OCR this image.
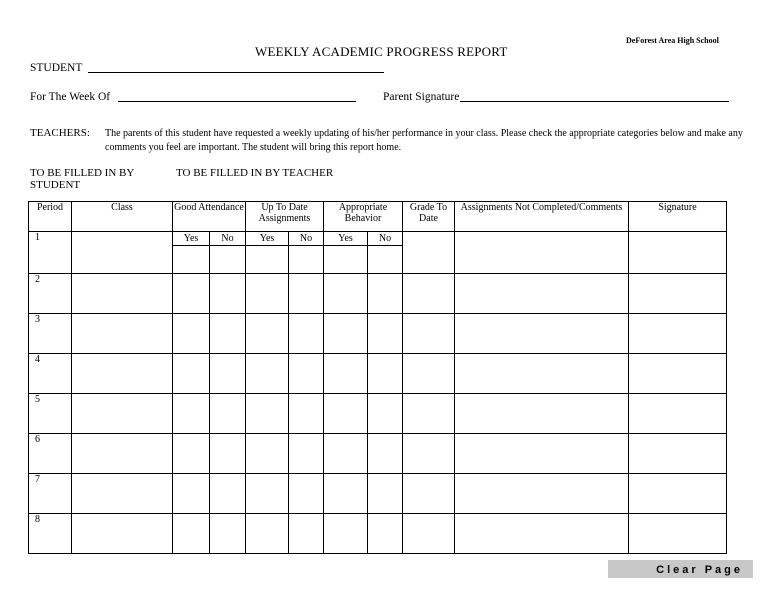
DeForest Area High School
WEEKLY ACADEMIC PROGRESS REPORT
STUDENT
For The Week Of	Parent Signature
TEACHERS: The parents of this student have requested a weekly updating of his/her performance in your class. Please check the appropriate categories below and make any comments you feel are important. The student will bring this report home.
TO BE FILLED IN BY STUDENT
TO BE FILLED IN BY TEACHER
Period	Class	Good Attendance		Up To Date Assignments		Appropriate Behavior		Grade To Date	Assignments Not Completed/Comments	Signature
1		Yes	No	Yes	No	Yes	No			

2										
3										
4										
5										
6										
7										
8										
Clear Page
